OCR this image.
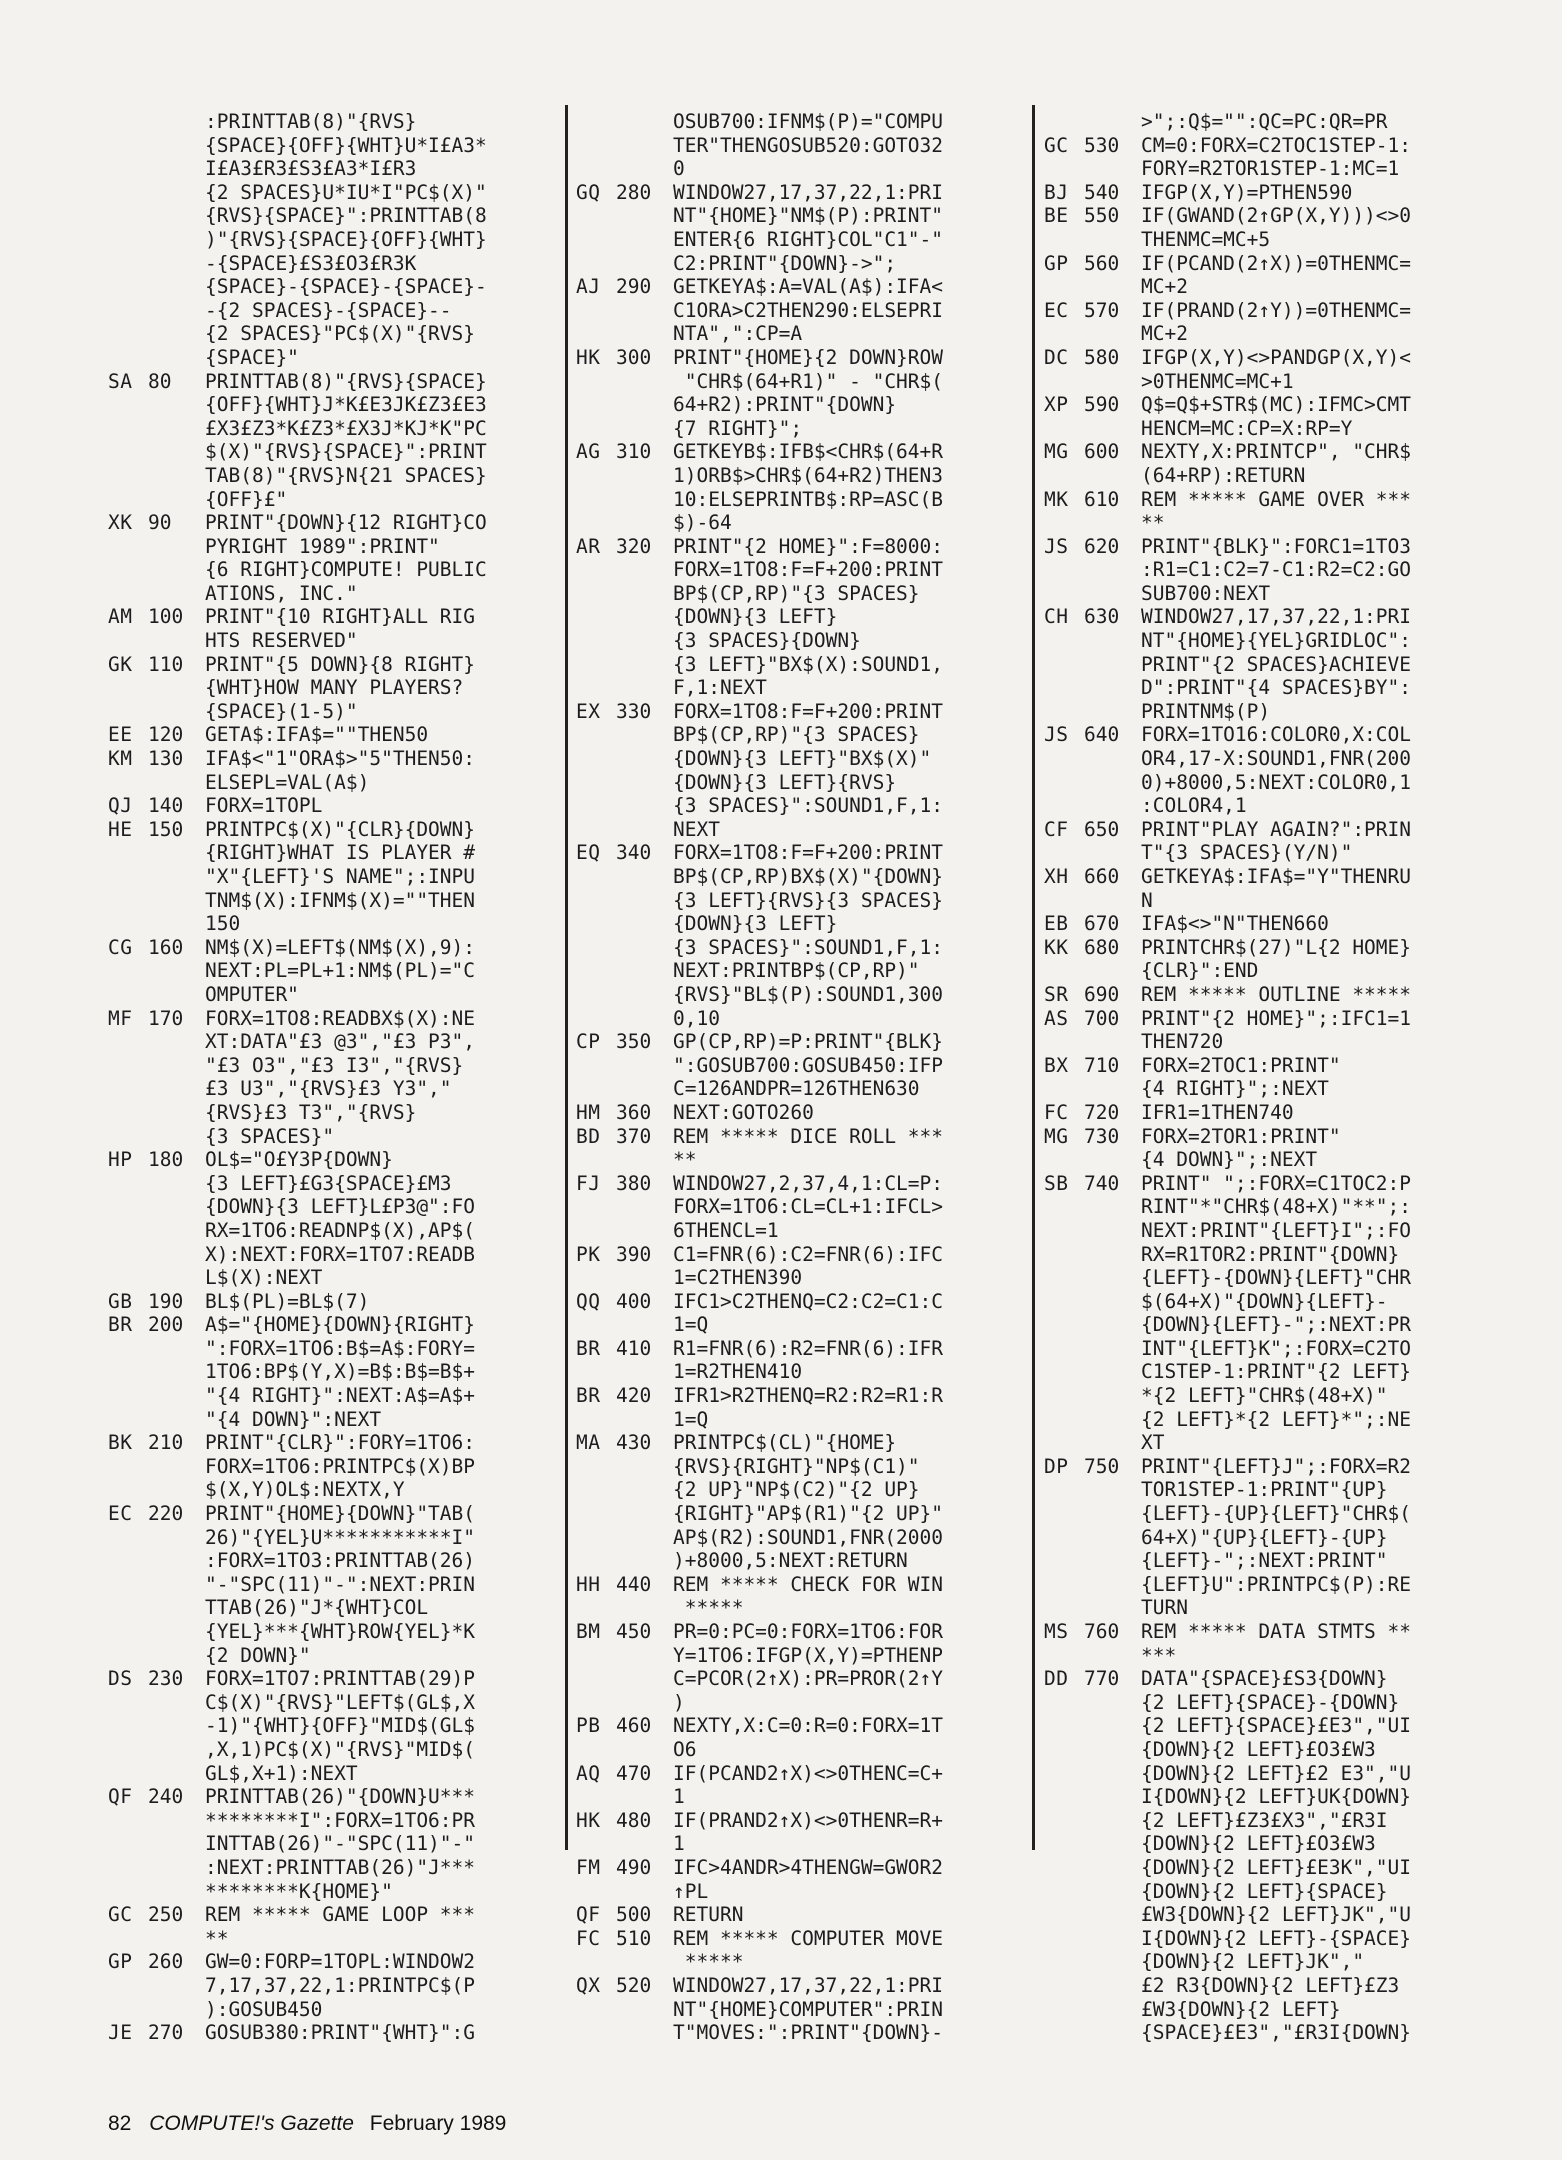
:PRINTTAB(8)"{RVS}
{SPACE}{OFF}{WHT}U*I£A3*
I£A3£R3£S3£A3*I£R3
{2 SPACES}U*IU*I"PC$(X)"
{RVS}{SPACE}":PRINTTAB(8
)"{RVS}{SPACE}{OFF}{WHT}
-{SPACE}£S3£O3£R3K
{SPACE}-{SPACE}-{SPACE}-
-{2 SPACES}-{SPACE}--
{2 SPACES}"PC$(X)"{RVS}
{SPACE}"
SA 80	PRINTTAB(8)"{RVS}{SPACE}
{OFF}{WHT}J*K£E3JK£Z3£E3
£X3£Z3*K£Z3*£X3J*KJ*K"PC
$(X)"{RVS}{SPACE}":PRINT
TAB(8)"{RVS}N{21 SPACES}
{OFF}£"
XK 90	PRINT"{DOWN}{12 RIGHT}CO
PYRIGHT 1989":PRINT"
{6 RIGHT}COMPUTE! PUBLIC
ATIONS, INC."
AM 100	PRINT"{10 RIGHT}ALL RIG
HTS RESERVED"
GK 110	PRINT"{5 DOWN}{8 RIGHT}
{WHT}HOW MANY PLAYERS?
{SPACE}(1-5)"
EE 120	GETA$:IFA$=""THEN50
KM 130	IFA$<"1"ORA$>"5"THEN50:
ELSEPL=VAL(A$)
QJ 140	FORX=1TOPL
HE 150	PRINTPC$(X)"{CLR}{DOWN}
{RIGHT}WHAT IS PLAYER #
"X"{LEFT}'S NAME";:INPU
TNM$(X):IFNM$(X)=""THEN
150
CG 160	NM$(X)=LEFT$(NM$(X),9):
NEXT:PL=PL+1:NM$(PL)="C
OMPUTER"
MF 170	FORX=1TO8:READBX$(X):NE
XT:DATA"£3 @3","£3 P3",
"£3 O3","£3 I3","{RVS}
£3 U3","{RVS}£3 Y3","
{RVS}£3 T3","{RVS}
{3 SPACES}"
HP 180	OL$="O£Y3P{DOWN}
{3 LEFT}£G3{SPACE}£M3
{DOWN}{3 LEFT}L£P3@":FO
RX=1TO6:READNP$(X),AP$(
X):NEXT:FORX=1TO7:READB
L$(X):NEXT
GB 190	BL$(PL)=BL$(7)
BR 200	A$="{HOME}{DOWN}{RIGHT}
":FORX=1TO6:B$=A$:FORY=
1TO6:BP$(Y,X)=B$:B$=B$+
"{4 RIGHT}":NEXT:A$=A$+
"{4 DOWN}":NEXT
BK 210	PRINT"{CLR}":FORY=1TO6:
FORX=1TO6:PRINTPC$(X)BP
$(X,Y)OL$:NEXTX,Y
EC 220	PRINT"{HOME}{DOWN}"TAB(
26)"{YEL}U***********I"
:FORX=1TO3:PRINTTAB(26)
"-"SPC(11)"-":NEXT:PRIN
TTAB(26)"J*{WHT}COL
{YEL}***{WHT}ROW{YEL}*K
{2 DOWN}"
DS 230	FORX=1TO7:PRINTTAB(29)P
C$(X)"{RVS}"LEFT$(GL$,X
-1)"{WHT}{OFF}"MID$(GL$
,X,1)PC$(X)"{RVS}"MID$(
GL$,X+1):NEXT
QF 240	PRINTTAB(26)"{DOWN}U***
********I":FORX=1TO6:PR
INTTAB(26)"-"SPC(11)"-"
:NEXT:PRINTTAB(26)"J***
********K{HOME}"
GC 250	REM ***** GAME LOOP ***
**
GP 260	GW=0:FORP=1TOPL:WINDOW2
7,17,37,22,1:PRINTPC$(P
):GOSUB450
JE 270	GOSUB380:PRINT"{WHT}":G
OSUB700:IFNM$(P)="COMPU
TER"THENGOSUB520:GOTO32
0
GQ 280	WINDOW27,17,37,22,1:PRI
NT"{HOME}"NM$(P):PRINT"
ENTER{6 RIGHT}COL"C1"-"
C2:PRINT"{DOWN}->";
AJ 290	GETKEYA$:A=VAL(A$):IFA<
C1ORA>C2THEN290:ELSEPRI
NTA",":CP=A
HK 300	PRINT"{HOME}{2 DOWN}ROW
"CHR$(64+R1)" - "CHR$(
64+R2):PRINT"{DOWN}
{7 RIGHT}";
AG 310	GETKEYB$:IFB$<CHR$(64+R
1)ORB$>CHR$(64+R2)THEN3
10:ELSEPRINTB$:RP=ASC(B
$)-64
AR 320	PRINT"{2 HOME}":F=8000:
FORX=1TO8:F=F+200:PRINT
BP$(CP,RP)"{3 SPACES}
{DOWN}{3 LEFT}
{3 SPACES}{DOWN}
{3 LEFT}"BX$(X):SOUND1,
F,1:NEXT
EX 330	FORX=1TO8:F=F+200:PRINT
BP$(CP,RP)"{3 SPACES}
{DOWN}{3 LEFT}"BX$(X)"
{DOWN}{3 LEFT}{RVS}
{3 SPACES}":SOUND1,F,1:
NEXT
EQ 340	FORX=1TO8:F=F+200:PRINT
BP$(CP,RP)BX$(X)"{DOWN}
{3 LEFT}{RVS}{3 SPACES}
{DOWN}{3 LEFT}
{3 SPACES}":SOUND1,F,1:
NEXT:PRINTBP$(CP,RP)"
{RVS}"BL$(P):SOUND1,300
0,10
CP 350	GP(CP,RP)=P:PRINT"{BLK}
":GOSUB700:GOSUB450:IFP
C=126ANDPR=126THEN630
HM 360	NEXT:GOTO260
BD 370	REM ***** DICE ROLL ***
**
FJ 380	WINDOW27,2,37,4,1:CL=P:
FORX=1TO6:CL=CL+1:IFCL>
6THENCL=1
PK 390	C1=FNR(6):C2=FNR(6):IFC
1=C2THEN390
QQ 400	IFC1>C2THENQ=C2:C2=C1:C
1=Q
BR 410	R1=FNR(6):R2=FNR(6):IFR
1=R2THEN410
BR 420	IFR1>R2THENQ=R2:R2=R1:R
1=Q
MA 430	PRINTPC$(CL)"{HOME}
{RVS}{RIGHT}"NP$(C1)"
{2 UP}"NP$(C2)"{2 UP}
{RIGHT}"AP$(R1)"{2 UP}"
AP$(R2):SOUND1,FNR(2000
)+8000,5:NEXT:RETURN
HH 440	REM ***** CHECK FOR WIN
*****
BM 450	PR=0:PC=0:FORX=1TO6:FOR
Y=1TO6:IFGP(X,Y)=PTHENP
C=PCOR(2↑X):PR=PROR(2↑Y
)
PB 460	NEXTY,X:C=0:R=0:FORX=1T
O6
AQ 470	IF(PCAND2↑X)<>0THENC=C+
1
HK 480	IF(PRAND2↑X)<>0THENR=R+
1
FM 490	IFC>4ANDR>4THENGW=GWOR2
↑PL
QF 500	RETURN
FC 510	REM ***** COMPUTER MOVE
*****
QX 520	WINDOW27,17,37,22,1:PRI
NT"{HOME}COMPUTER":PRIN
T"MOVES:":PRINT"{DOWN}-
>";:Q$="":QC=PC:QR=PR
GC 530	CM=0:FORX=C2TOC1STEP-1:
FORY=R2TOR1STEP-1:MC=1
BJ 540	IFGP(X,Y)=PTHEN590
BE 550	IF(GWAND(2↑GP(X,Y)))<>0
THENMC=MC+5
GP 560	IF(PCAND(2↑X))=0THENMC=
MC+2
EC 570	IF(PRAND(2↑Y))=0THENMC=
MC+2
DC 580	IFGP(X,Y)<>PANDGP(X,Y)<
>0THENMC=MC+1
XP 590	Q$=Q$+STR$(MC):IFMC>CMT
HENCM=MC:CP=X:RP=Y
MG 600	NEXTY,X:PRINTCP", "CHR$
(64+RP):RETURN
MK 610	REM ***** GAME OVER ***
**
JS 620	PRINT"{BLK}":FORC1=1TO3
:R1=C1:C2=7-C1:R2=C2:GO
SUB700:NEXT
CH 630	WINDOW27,17,37,22,1:PRI
NT"{HOME}{YEL}GRIDLOC":
PRINT"{2 SPACES}ACHIEVE
D":PRINT"{4 SPACES}BY":
PRINTNM$(P)
JS 640	FORX=1TO16:COLOR0,X:COL
OR4,17-X:SOUND1,FNR(200
0)+8000,5:NEXT:COLOR0,1
:COLOR4,1
CF 650	PRINT"PLAY AGAIN?":PRIN
T"{3 SPACES}(Y/N)"
XH 660	GETKEYA$:IFA$="Y"THENRU
N
EB 670	IFA$<>"N"THEN660
KK 680	PRINTCHR$(27)"L{2 HOME}
{CLR}":END
SR 690	REM ***** OUTLINE *****
AS 700	PRINT"{2 HOME}";:IFC1=1
THEN720
BX 710	FORX=2TOC1:PRINT"
{4 RIGHT}";:NEXT
FC 720	IFR1=1THEN740
MG 730	FORX=2TOR1:PRINT"
{4 DOWN}";:NEXT
SB 740	PRINT" ";:FORX=C1TOC2:P
RINT"*"CHR$(48+X)"**";:
NEXT:PRINT"{LEFT}I";:FO
RX=R1TOR2:PRINT"{DOWN}
{LEFT}-{DOWN}{LEFT}"CHR
$(64+X)"{DOWN}{LEFT}-
{DOWN}{LEFT}-";:NEXT:PR
INT"{LEFT}K";:FORX=C2TO
C1STEP-1:PRINT"{2 LEFT}
*{2 LEFT}"CHR$(48+X)"
{2 LEFT}*{2 LEFT}*";:NE
XT
DP 750	PRINT"{LEFT}J";:FORX=R2
TOR1STEP-1:PRINT"{UP}
{LEFT}-{UP}{LEFT}"CHR$(
64+X)"{UP}{LEFT}-{UP}
{LEFT}-";:NEXT:PRINT"
{LEFT}U":PRINTPC$(P):RE
TURN
MS 760	REM ***** DATA STMTS **
***
DD 770	DATA"{SPACE}£S3{DOWN}
{2 LEFT}{SPACE}-{DOWN}
{2 LEFT}{SPACE}£E3","UI
{DOWN}{2 LEFT}£O3£W3
{DOWN}{2 LEFT}£2 E3","U
I{DOWN}{2 LEFT}UK{DOWN}
{2 LEFT}£Z3£X3","£R3I
{DOWN}{2 LEFT}£O3£W3
{DOWN}{2 LEFT}£E3K","UI
{DOWN}{2 LEFT}{SPACE}
£W3{DOWN}{2 LEFT}JK","U
I{DOWN}{2 LEFT}-{SPACE}
{DOWN}{2 LEFT}JK","
£2 R3{DOWN}{2 LEFT}£Z3
£W3{DOWN}{2 LEFT}
{SPACE}£E3","£R3I{DOWN}
82 COMPUTE!'s Gazette February 1989
